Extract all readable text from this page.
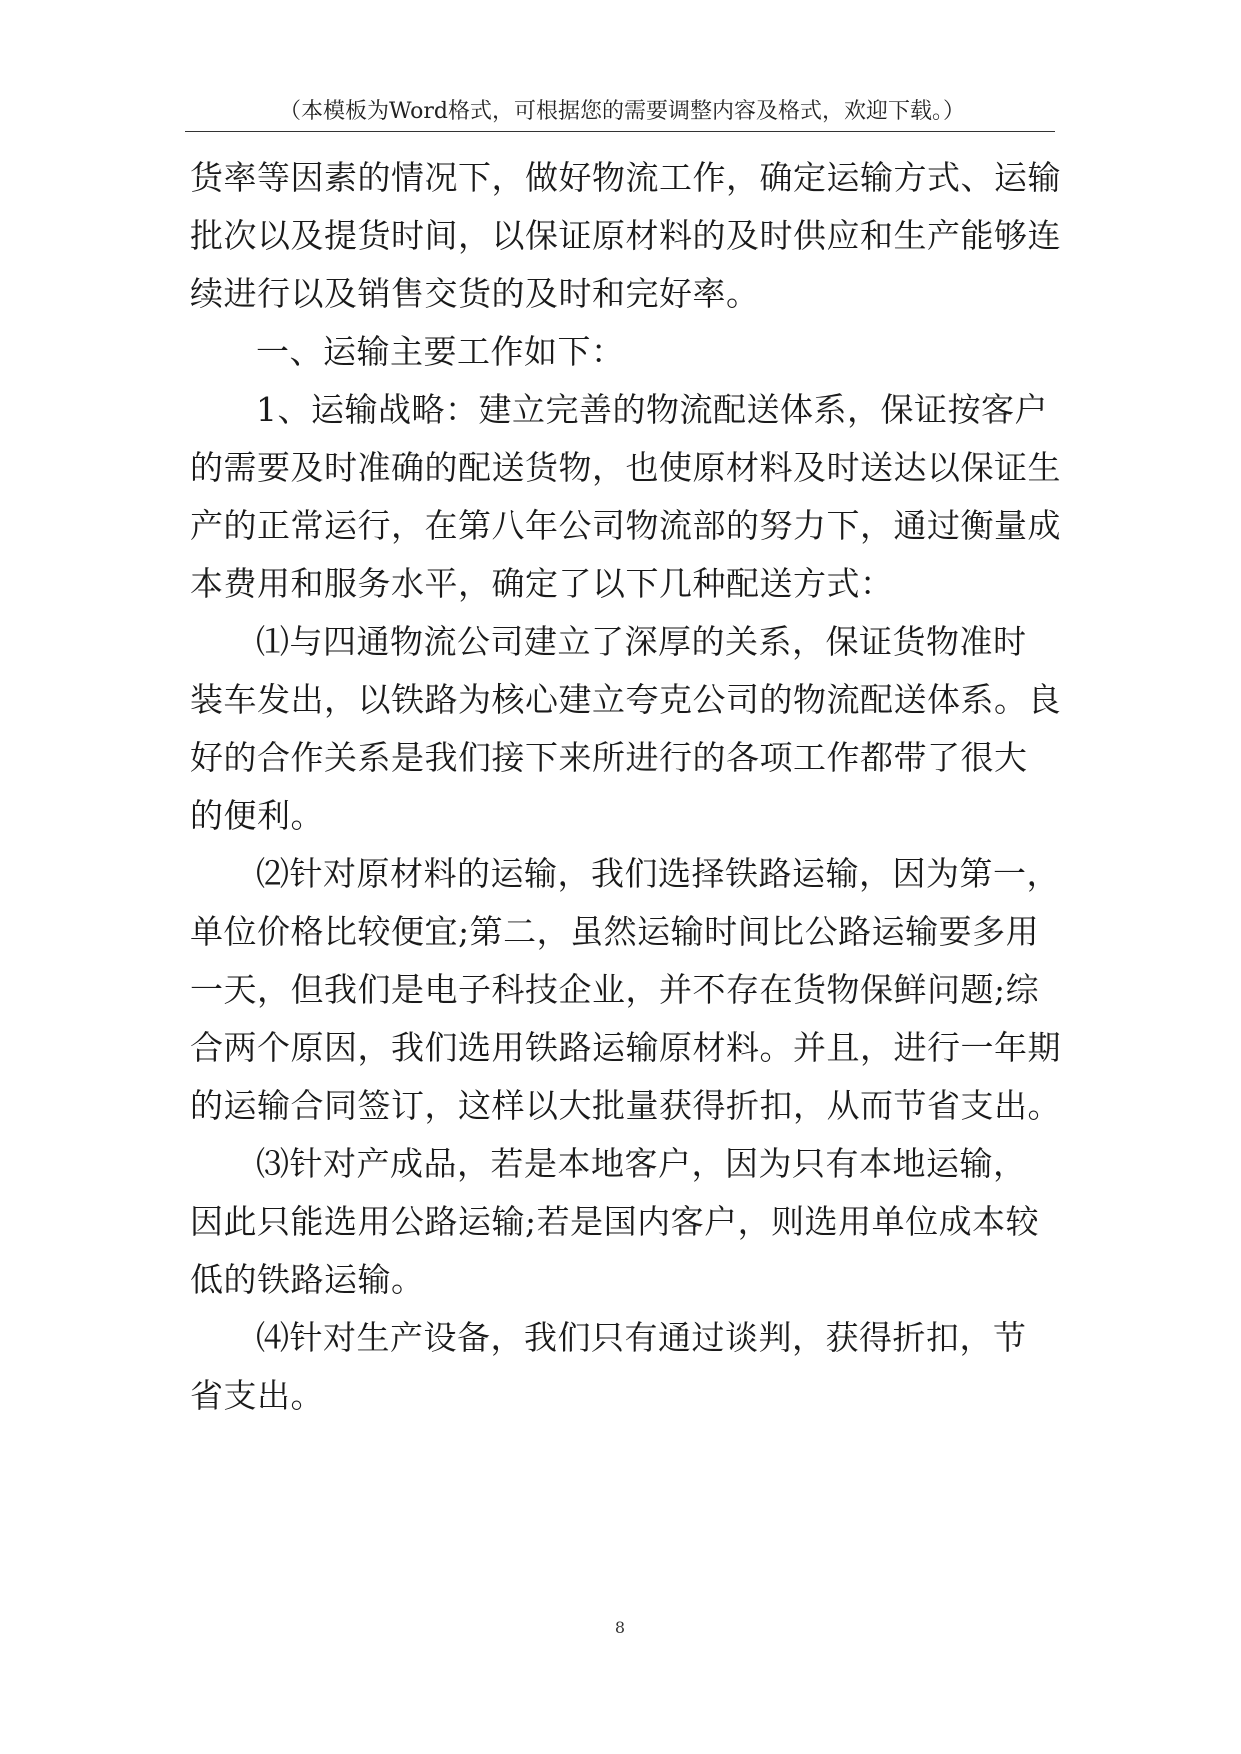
（本模板为Word格式，可根据您的需要调整内容及格式，欢迎下载。）
货率等因素的情况下，做好物流工作，确定运输方式、运输
批次以及提货时间，以保证原材料的及时供应和生产能够连
续进行以及销售交货的及时和完好率。
一、运输主要工作如下：
1、运输战略：建立完善的物流配送体系，保证按客户
的需要及时准确的配送货物，也使原材料及时送达以保证生
产的正常运行，在第八年公司物流部的努力下，通过衡量成
本费用和服务水平，确定了以下几种配送方式：
⑴与四通物流公司建立了深厚的关系，保证货物准时
装车发出，以铁路为核心建立夸克公司的物流配送体系。良
好的合作关系是我们接下来所进行的各项工作都带了很大
的便利。
⑵针对原材料的运输，我们选择铁路运输，因为第一，
单位价格比较便宜;第二，虽然运输时间比公路运输要多用
一天，但我们是电子科技企业，并不存在货物保鲜问题;综
合两个原因，我们选用铁路运输原材料。并且，进行一年期
的运输合同签订，这样以大批量获得折扣，从而节省支出。
⑶针对产成品，若是本地客户，因为只有本地运输，
因此只能选用公路运输;若是国内客户，则选用单位成本较
低的铁路运输。
⑷针对生产设备，我们只有通过谈判，获得折扣，节
省支出。
8
